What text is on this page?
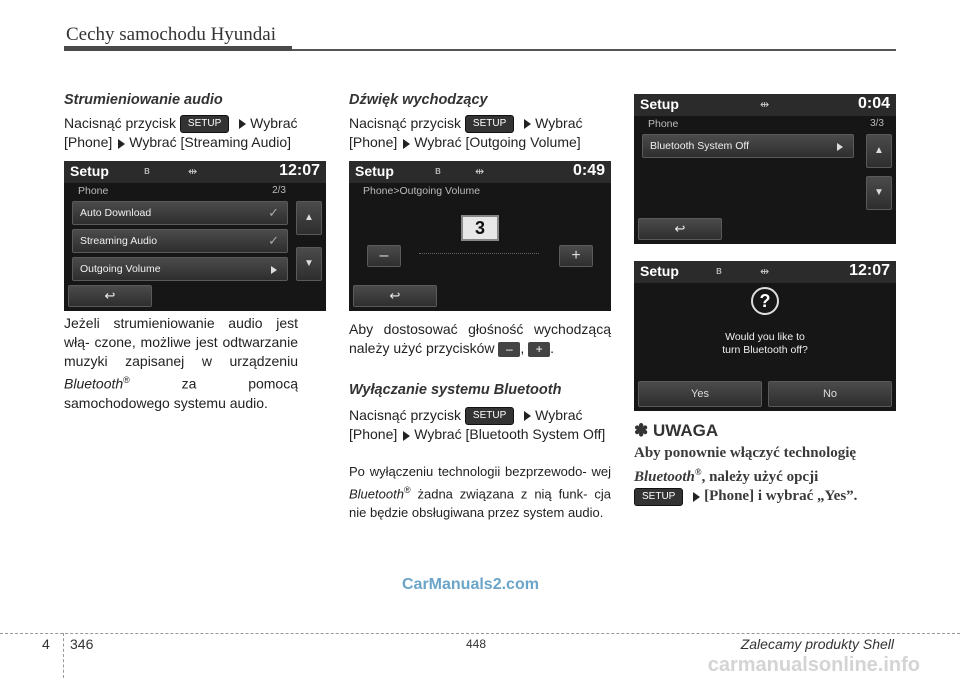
Cechy samochodu Hyundai
Strumieniowanie audio
Nacisnąć przycisk SETUP Wybrać
[Phone] Wybrać [Streaming Audio]
Jeżeli strumieniowanie audio jest włą- czone, możliwe jest odtwarzanie muzyki zapisanej w urządzeniu Bluetooth® za pomocą samochodowego systemu audio.
Setup	ʙ	⇹	12:07
Phone	2/3
Auto Download	✓
Streaming Audio	✓
Outgoing Volume
▲
▼
↩
Dźwięk wychodzący
Nacisnąć przycisk SETUP Wybrać
[Phone] Wybrać [Outgoing Volume]
Aby dostosować głośność wychodzącą należy użyć przycisków – , + .
Wyłączanie systemu Bluetooth
Nacisnąć przycisk SETUP Wybrać
[Phone] Wybrać [Bluetooth System Off]
Po wyłączeniu technologii bezprzewodo- wej Bluetooth® żadna związana z nią funk- cja nie będzie obsługiwana przez system audio.
Setup	ʙ	⇹	0:49
Phone>Outgoing Volume
3
–	+
↩
Setup	⇹	0:04
Phone	3/3
Bluetooth System Off	▲
▼
↩
Setup	ʙ	⇹	12:07
?
Would you like to
turn Bluetooth off?
Yes	No
✽ UWAGA
Aby ponownie włączyć technologię
Bluetooth®, należy użyć opcji
SETUP [Phone] i wybrać „Yes”.
CarManuals2.com
4 346	448	Zalecamy produkty Shell
carmanualsonline.info
